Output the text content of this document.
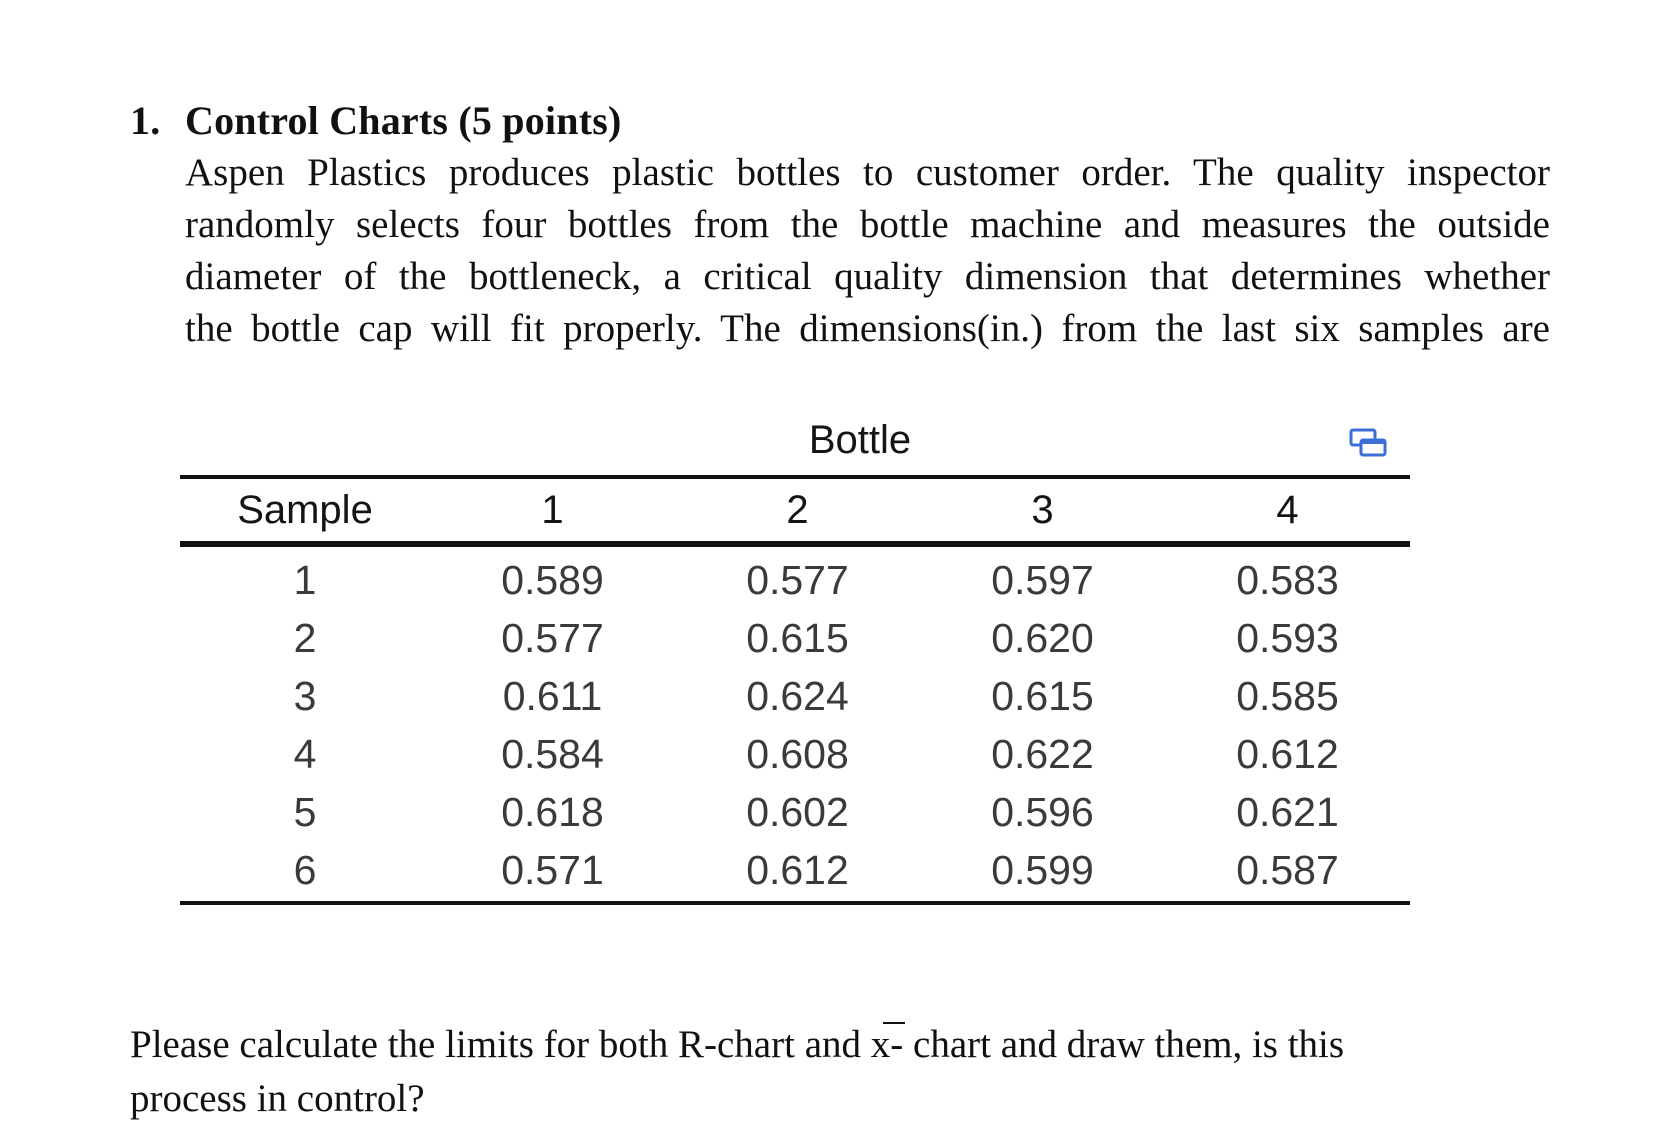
1. Control Charts (5 points)
Aspen Plastics produces plastic bottles to customer order. The quality inspector
randomly selects four bottles from the bottle machine and measures the outside
diameter of the bottleneck, a critical quality dimension that determines whether
the bottle cap will fit properly. The dimensions(in.) from the last six samples are
Bottle
Sample	1	2	3	4
1	0.589	0.577	0.597	0.583
2	0.577	0.615	0.620	0.593
3	0.611	0.624	0.615	0.585
4	0.584	0.608	0.622	0.612
5	0.618	0.602	0.596	0.621
6	0.571	0.612	0.599	0.587
Please calculate the limits for both R-chart and x- chart and draw them, is this
process in control?
